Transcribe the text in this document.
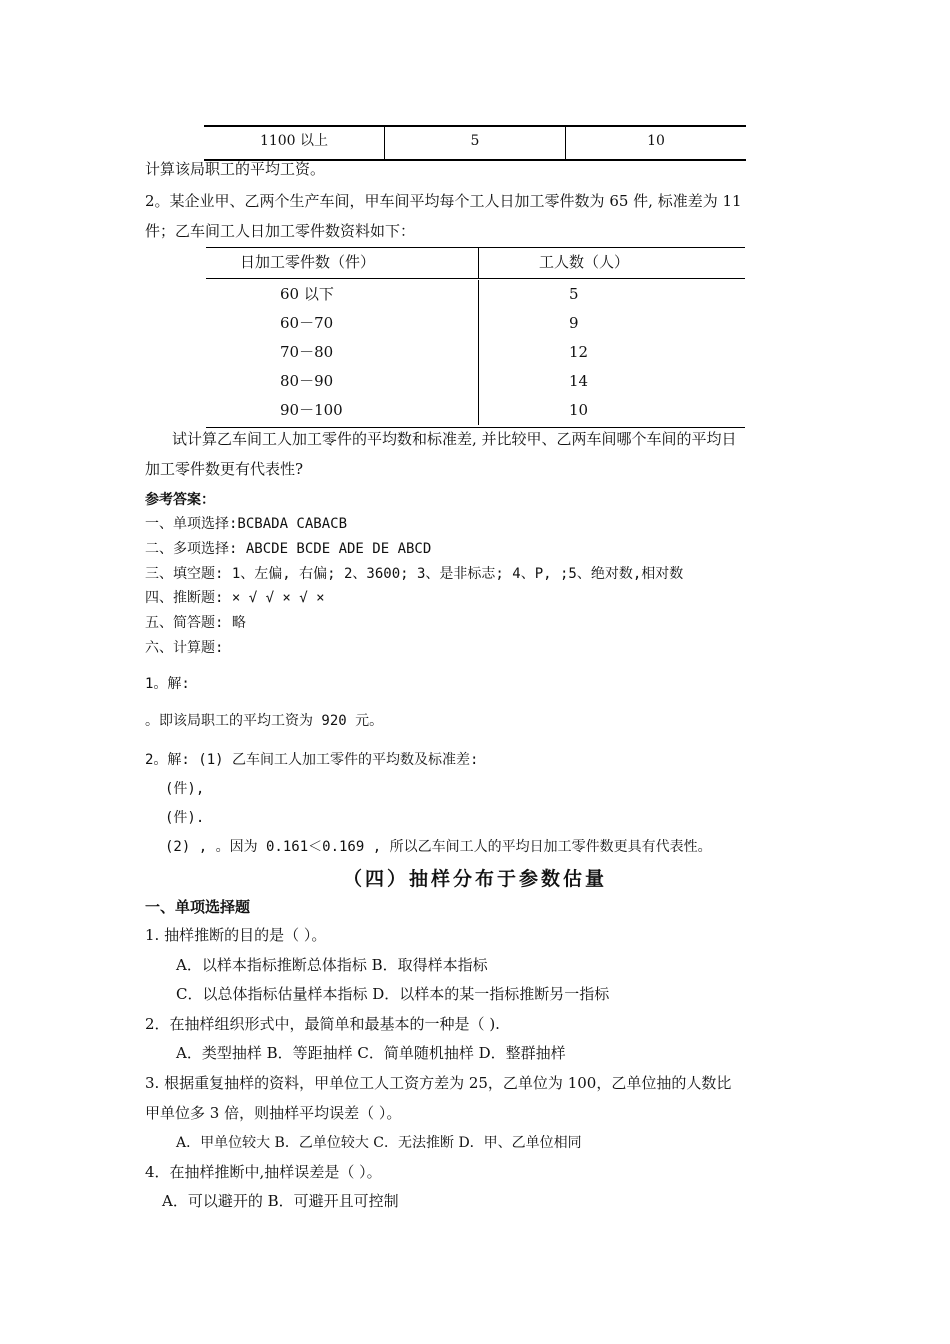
1100 以上	5	10
计算该局职工的平均工资。
2。某企业甲、乙两个生产车间，甲车间平均每个工人日加工零件数为 65 件, 标准差为 11
件；乙车间工人日加工零件数资料如下：
日加工零件数（件）	工人数（人）
60 以下	5
60－70	9
70－80	12
80－90	14
90－100	10
试计算乙车间工人加工零件的平均数和标准差, 并比较甲、乙两车间哪个车间的平均日
加工零件数更有代表性?
参考答案：
一、单项选择:BCBADA CABACB
二、多项选择: ABCDE BCDE ADE DE ABCD
三、填空题: 1、左偏, 右偏; 2、3600; 3、是非标志; 4、P, ;5、绝对数,相对数
四、推断题: × √ √ × √ ×
五、简答题: 略
六、计算题:
1。解:
。即该局职工的平均工资为 920 元。
2。解: (1) 乙车间工人加工零件的平均数及标准差:
(件),
(件).
(2) , 。因为 0.161＜0.169 , 所以乙车间工人的平均日加工零件数更具有代表性。
（四）抽样分布于参数估量
一、单项选择题
1. 抽样推断的目的是（ ）。
A．以样本指标推断总体指标 B．取得样本指标
C．以总体指标估量样本指标 D．以样本的某一指标推断另一指标
2．在抽样组织形式中，最简单和最基本的一种是（ ).
A．类型抽样 B．等距抽样 C．简单随机抽样 D．整群抽样
3. 根据重复抽样的资料，甲单位工人工资方差为 25，乙单位为 100，乙单位抽的人数比
甲单位多 3 倍，则抽样平均误差（ ）。
A．甲单位较大 B．乙单位较大 C．无法推断 D．甲、乙单位相同
4．在抽样推断中,抽样误差是（ ）。
A．可以避开的 B．可避开且可控制
